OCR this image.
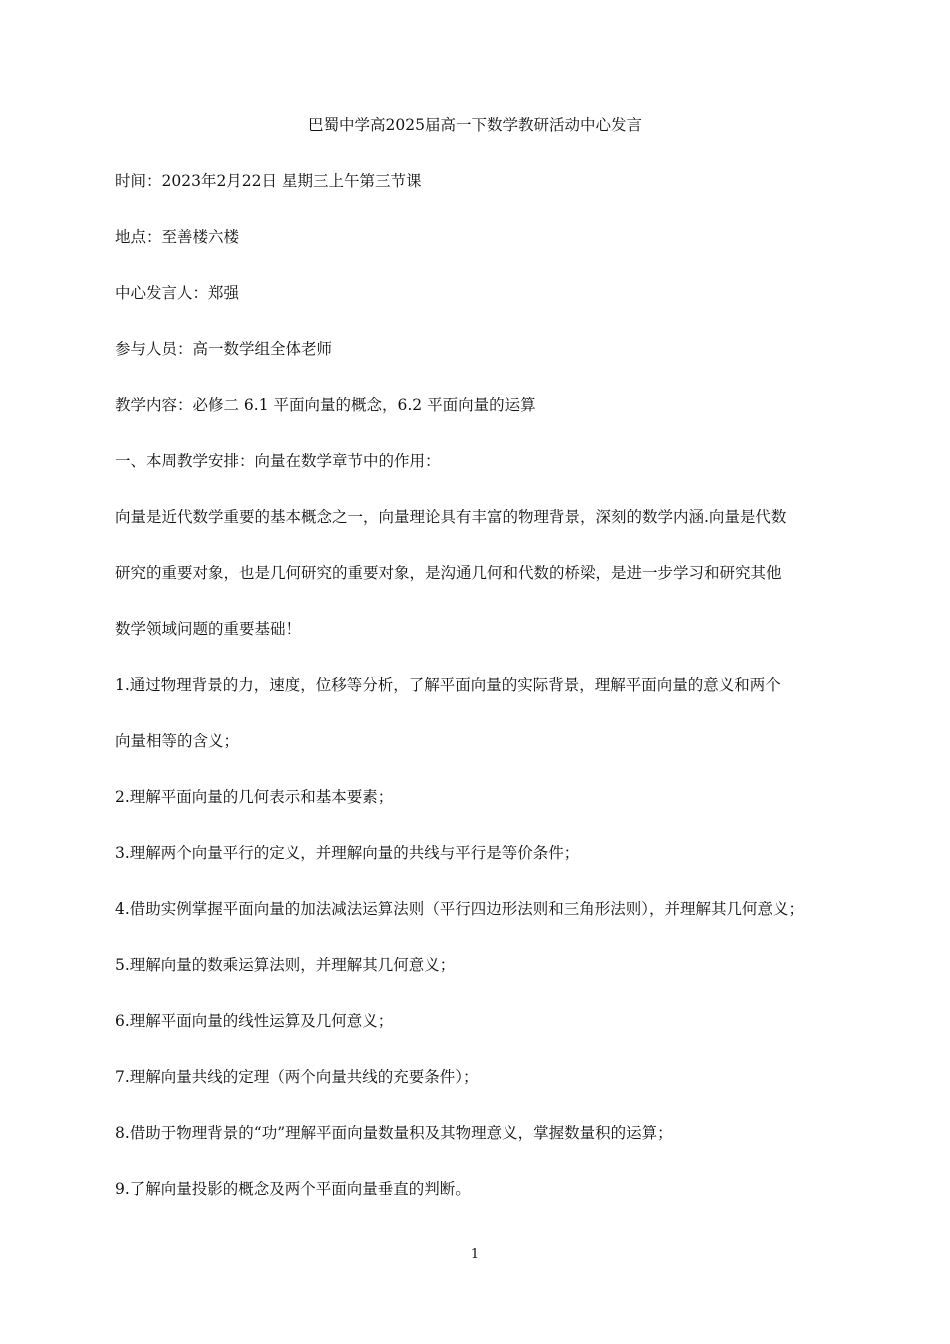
巴蜀中学高2025届高一下数学教研活动中心发言
时间：2023年2月22日 星期三上午第三节课
地点：至善楼六楼
中心发言人：郑强
参与人员：高一数学组全体老师
教学内容：必修二 6.1 平面向量的概念，6.2 平面向量的运算
一、本周教学安排：向量在数学章节中的作用：
向量是近代数学重要的基本概念之一，向量理论具有丰富的物理背景，深刻的数学内涵.向量是代数
研究的重要对象，也是几何研究的重要对象，是沟通几何和代数的桥梁，是进一步学习和研究其他
数学领域问题的重要基础！
1.通过物理背景的力，速度，位移等分析，了解平面向量的实际背景，理解平面向量的意义和两个
向量相等的含义；
2.理解平面向量的几何表示和基本要素；
3.理解两个向量平行的定义，并理解向量的共线与平行是等价条件；
4.借助实例掌握平面向量的加法减法运算法则（平行四边形法则和三角形法则），并理解其几何意义；
5.理解向量的数乘运算法则，并理解其几何意义；
6.理解平面向量的线性运算及几何意义；
7.理解向量共线的定理（两个向量共线的充要条件）；
8.借助于物理背景的“功”理解平面向量数量积及其物理意义，掌握数量积的运算；
9.了解向量投影的概念及两个平面向量垂直的判断。
1
